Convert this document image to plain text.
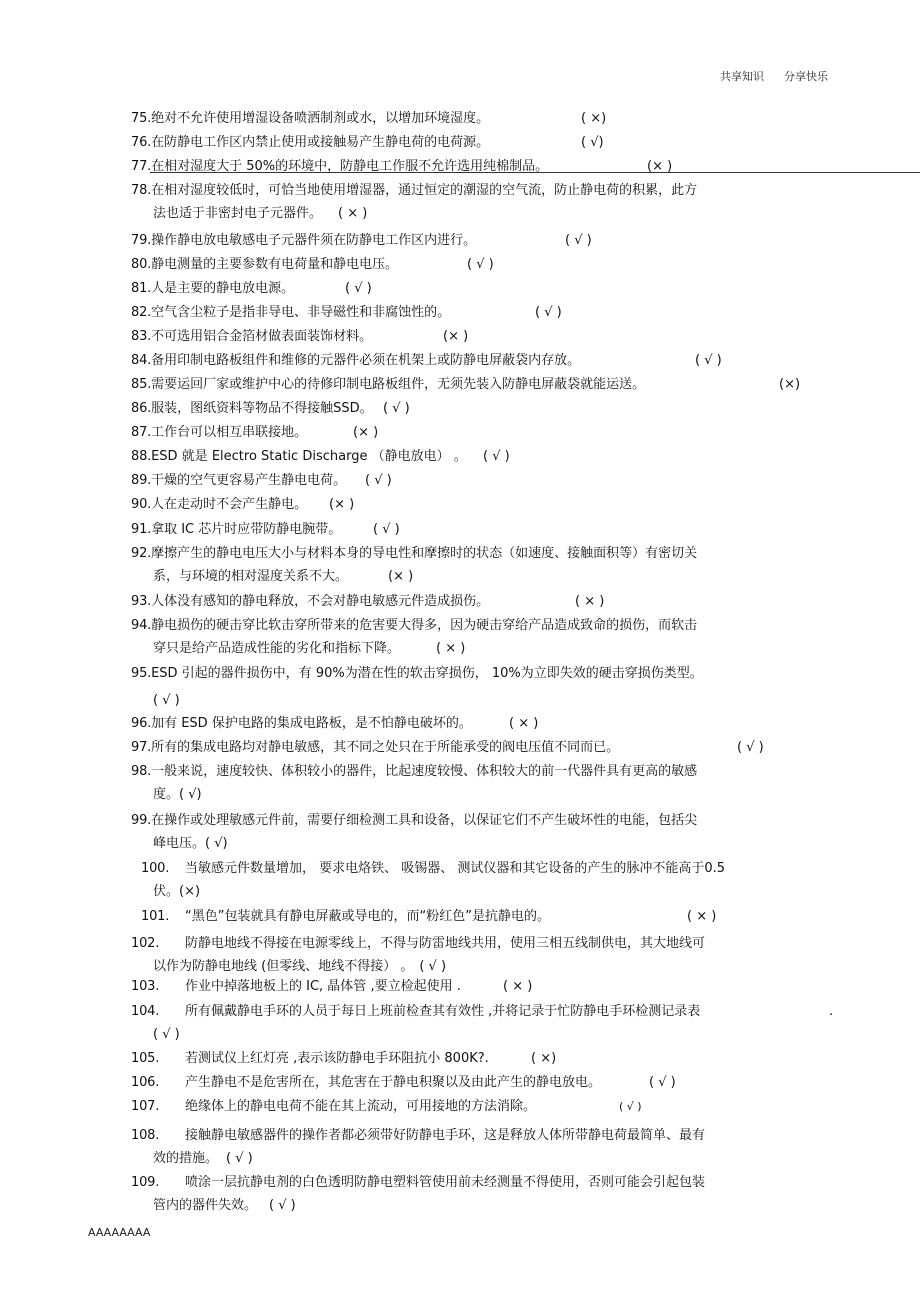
共享知识 分享快乐
75.绝对不允许使用增湿设备喷洒制剂或水，以增加环境湿度。	( ×)
76.在防静电工作区内禁止使用或接触易产生静电荷的电荷源。	( √)
77.在相对湿度大于 50%的环境中，防静电工作服不允许选用纯棉制品。	(× )
78.在相对湿度较低时，可恰当地使用增湿器，通过恒定的潮湿的空气流，防止静电荷的积累，此方
法也适于非密封电子元器件。 ( × )
79.操作静电放电敏感电子元器件须在防静电工作区内进行。	( √ )
80.静电测量的主要参数有电荷量和静电电压。	( √ )
81.人是主要的静电放电源。	( √ )
82.空气含尘粒子是指非导电、非导磁性和非腐蚀性的。	( √ )
83.不可选用铝合金箔材做表面装饰材料。	(× )
84.备用印制电路板组件和维修的元器件必须在机架上或防静电屏蔽袋内存放。	( √ )
85.需要运回厂家或维护中心的待修印制电路板组件，无须先装入防静电屏蔽袋就能运送。	(×)
86.服装，图纸资料等物品不得接触SSD。 ( √ )
87.工作台可以相互串联接地。	(× )
88.ESD 就是 Electro Static Discharge （静电放电） 。 ( √ )
89.干燥的空气更容易产生静电电荷。 ( √ )
90.人在走动时不会产生静电。 (× )
91.拿取 IC 芯片时应带防静电腕带。 ( √ )
92.摩擦产生的静电电压大小与材料本身的导电性和摩擦时的状态（如速度、接触面积等）有密切关
系，与环境的相对湿度关系不大。	(× )
93.人体没有感知的静电释放，不会对静电敏感元件造成损伤。	( × )
94.静电损伤的硬击穿比软击穿所带来的危害要大得多，因为硬击穿给产品造成致命的损伤，而软击
穿只是给产品造成性能的劣化和指标下降。	( × )
95.ESD 引起的器件损伤中，有 90%为潜在性的软击穿损伤， 10%为立即失效的硬击穿损伤类型。
( √ )
96.加有 ESD 保护电路的集成电路板，是不怕静电破坏的。	( × )
97.所有的集成电路均对静电敏感，其不同之处只在于所能承受的阀电压值不同而已。	( √ )
98.一般来说，速度较快、体积较小的器件，比起速度较慢、体积较大的前一代器件具有更高的敏感
度。( √)
99.在操作或处理敏感元件前，需要仔细检测工具和设备，以保证它们不产生破坏性的电能，包括尖
峰电压。( √)
100. 当敏感元件数量增加， 要求电烙铁、 吸锡器、 测试仪器和其它设备的产生的脉冲不能高于0.5
伏。(×)
101. “黑色”包装就具有静电屏蔽或导电的，而“粉红色”是抗静电的。	( × )
102. 防静电地线不得接在电源零线上，不得与防雷地线共用，使用三相五线制供电，其大地线可
以作为防静电地线 (但零线、地线不得接） 。 ( √ )
103. 作业中掉落地板上的 IC, 晶体管 ,要立检起使用 .	( × )
104. 所有佩戴静电手环的人员于每日上班前检查其有效性 ,并将记录于忙防静电手环检测记录表	.
( √ )
105. 若测试仪上红灯亮 ,表示该防静电手环阻抗小 800K?.	( ×)
106. 产生静电不是危害所在，其危害在于静电积聚以及由此产生的静电放电。	( √ )
107. 绝缘体上的静电电荷不能在其上流动，可用接地的方法消除。	( √ )
108. 接触静电敏感器件的操作者都必须带好防静电手环，这是释放人体所带静电荷最简单、最有
效的措施。 ( √ )
109. 喷涂一层抗静电剂的白色透明防静电塑料管使用前未经测量不得使用，否则可能会引起包装
管内的器件失效。 ( √ )
AAAAAAAA
